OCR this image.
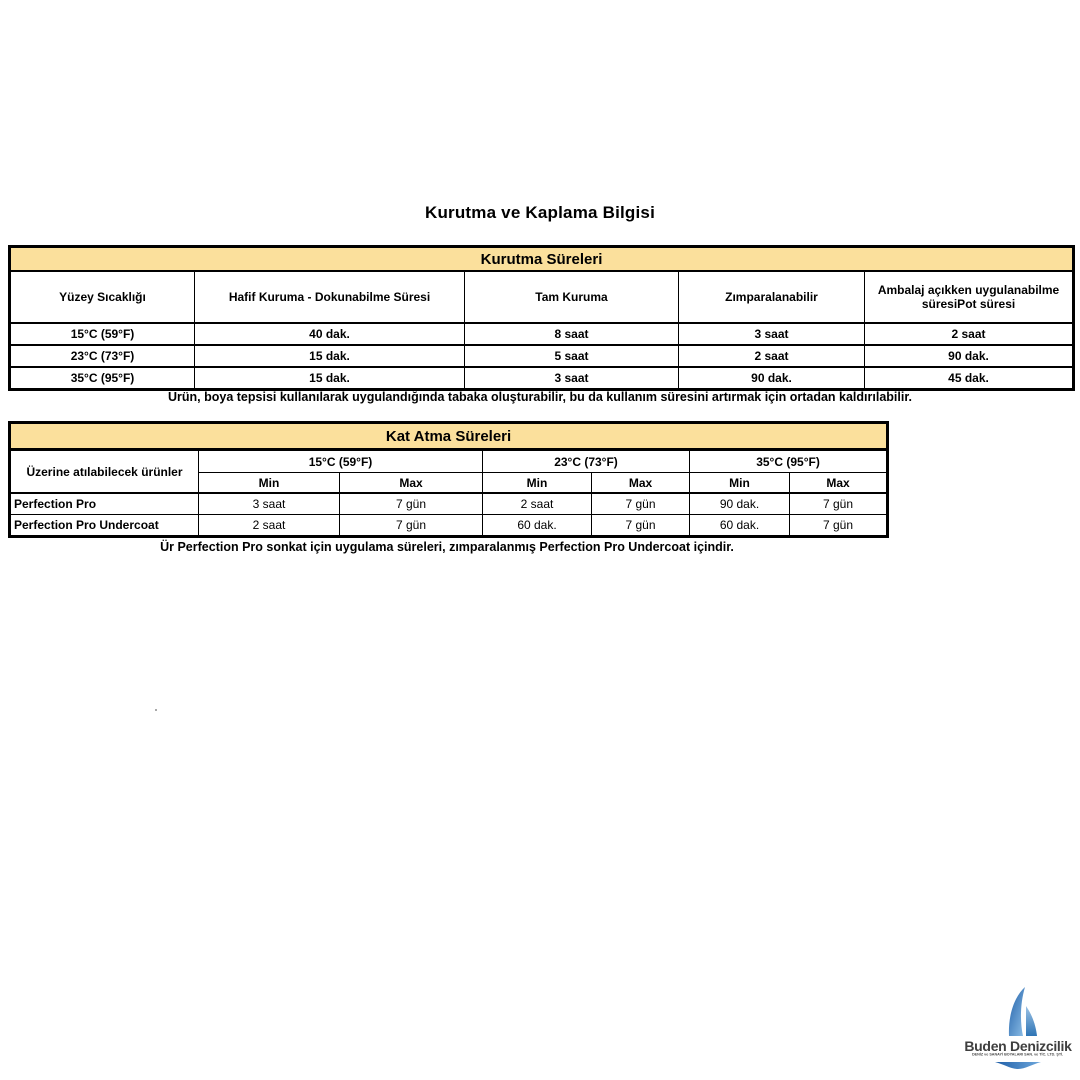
Kurutma ve Kaplama Bilgisi
Kurutma Süreleri				
Yüzey Sıcaklığı	Hafif Kuruma - Dokunabilme Süresi	Tam Kuruma	Zımparalanabilir	Ambalaj açıkken uygulanabilme süresiPot süresi
15°C (59°F)	40 dak.	8 saat	3 saat	2 saat
23°C (73°F)	15 dak.	5 saat	2 saat	90 dak.
35°C (95°F)	15 dak.	3 saat	90 dak.	45 dak.
Ürün, boya tepsisi kullanılarak uygulandığında tabaka oluşturabilir, bu da kullanım süresini artırmak için ortadan kaldırılabilir.
Kat Atma Süreleri						
Üzerine atılabilecek ürünler	15°C (59°F)		23°C (73°F)		35°C (95°F)	
	Min	Max	Min	Max	Min	Max
Perfection Pro	3 saat	7 gün	2 saat	7 gün	90 dak.	7 gün
Perfection Pro Undercoat	2 saat	7 gün	60 dak.	7 gün	60 dak.	7 gün
Ür Perfection Pro sonkat için uygulama süreleri, zımparalanmış Perfection Pro Undercoat içindir.
Buden Denizcilik
DENİZ ve SANAYİ BOYALARI SAN. ve TİC. LTD. ŞTİ.
